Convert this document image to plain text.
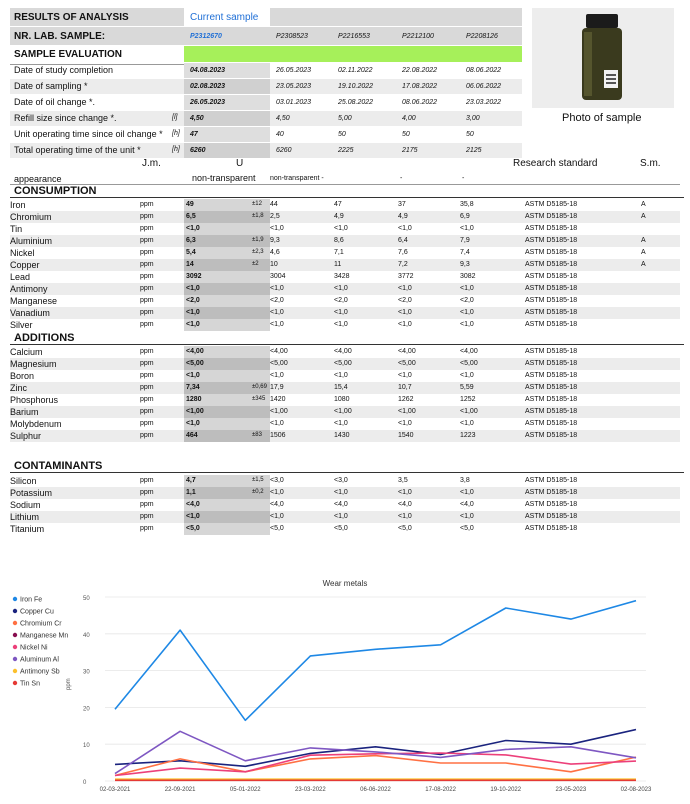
RESULTS OF ANALYSIS	Current sample
NR. LAB. SAMPLE:	P2312670	P2308523	P2216553	P2212100	P2208126
SAMPLE EVALUATION
Date of study completion	04.08.2023	26.05.2023	02.11.2022	22.08.2022	08.06.2022
Date of sampling *	02.08.2023	23.05.2023	19.10.2022	17.08.2022	06.06.2022
Date of oil change *.	26.05.2023	03.01.2023	25.08.2022	08.06.2022	23.03.2022
Refill size since change *.	[l] 4,50	4,50	5,00	4,00	3,00
Unit operating time since oil change * [h] 47	40	50	50	50
Total operating time of the unit *	[h] 6260	6260	2225	2175	2125
Photo of sample
J.m.	U	Research standard	S.m.
appearance	non-transparent non-transparent -	-	-
CONSUMPTION
Iron	ppm	49	±12 44	47	37	35,8	ASTM D5185-18	A
Chromium	ppm	6,5	±1,8 2,5	4,9	4,9	6,9	ASTM D5185-18	A
Tin	ppm	<1,0	<1,0	<1,0	<1,0	<1,0	ASTM D5185-18
Aluminium	ppm	6,3	±1,9 9,3	8,6	6,4	7,9	ASTM D5185-18	A
Nickel	ppm	5,4	±2,3 4,6	7,1	7,6	7,4	ASTM D5185-18	A
Copper	ppm	14	±2 10	11	7,2	9,3	ASTM D5185-18	A
Lead	ppm	3092	3004	3428	3772	3082	ASTM D5185-18
Antimony	ppm	<1,0	<1,0	<1,0	<1,0	<1,0	ASTM D5185-18
Manganese	ppm	<2,0	<2,0	<2,0	<2,0	<2,0	ASTM D5185-18
Vanadium	ppm	<1,0	<1,0	<1,0	<1,0	<1,0	ASTM D5185-18
Silver	ppm	<1,0	<1,0	<1,0	<1,0	<1,0	ASTM D5185-18
ADDITIONS
Calcium	ppm	<4,00	<4,00	<4,00	<4,00	<4,00	ASTM D5185-18
Magnesium	ppm	<5,00	<5,00	<5,00	<5,00	<5,00	ASTM D5185-18
Boron	ppm	<1,0	<1,0	<1,0	<1,0	<1,0	ASTM D5185-18
Zinc	ppm	7,34	±0,69 17,9	15,4	10,7	5,59	ASTM D5185-18
Phosphorus	ppm	1280	±345 1420	1080	1262	1252	ASTM D5185-18
Barium	ppm	<1,00	<1,00	<1,00	<1,00	<1,00	ASTM D5185-18
Molybdenum	ppm	<1,0	<1,0	<1,0	<1,0	<1,0	ASTM D5185-18
Sulphur	ppm	464	±83 1506	1430	1540	1223	ASTM D5185-18
CONTAMINANTS
Silicon	ppm	4,7	±1,5 <3,0	<3,0	3,5	3,8	ASTM D5185-18
Potassium	ppm	1,1	±0,2 <1,0	<1,0	<1,0	<1,0	ASTM D5185-18
Sodium	ppm	<4,0	<4,0	<4,0	<4,0	<4,0	ASTM D5185-18
Lithium	ppm	<1,0	<1,0	<1,0	<1,0	<1,0	ASTM D5185-18
Titanium	ppm	<5,0	<5,0	<5,0	<5,0	<5,0	ASTM D5185-18
Wear metals
0
10
20
30
40
50
ppm
02-03-2021	22-09-2021	05-01-2022	23-03-2022	06-06-2022	17-08-2022	19-10-2022	23-05-2023	02-08-2023
Iron Fe
Copper Cu
Chromium Cr
Manganese Mn
Nickel Ni
Aluminum Al
Antimony Sb
Tin Sn
